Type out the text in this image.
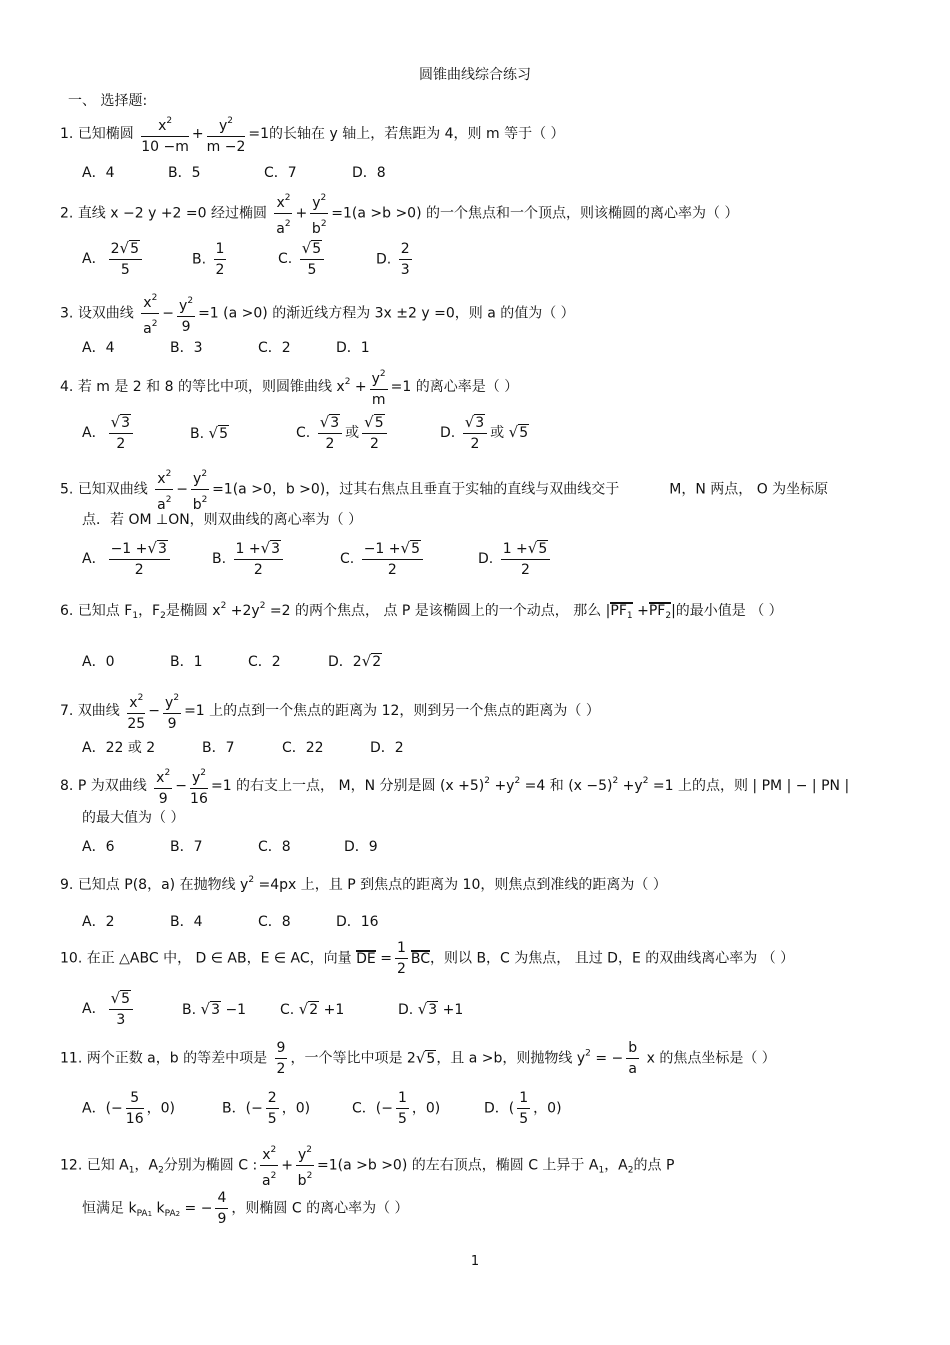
圆锥曲线综合练习
一、 选择题:
1. 已知椭圆 $\frac{x^2}{10 -m} + \frac{y^2}{m -2} =1$的长轴在 y 轴上，若焦距为 4，则 m 等于（ ）
A．4	B．5	C．7	D．8
2. 直线 x −2 y +2 =0 经过椭圆 $\frac{x^2}{a^2} + \frac{y^2}{b^2} =1(a >b >0)$ 的一个焦点和一个顶点，则该椭圆的离心率为（ ）
A． $\frac{2√5}{5}$	B. $\frac{1}{2}$	C. $\frac{√5}{5}$	D. $\frac{2}{3}$
3. 设双曲线 $\frac{x^2}{a^2} - \frac{y^2}{9} =1$ (a >0) 的渐近线方程为 3x ±2 y =0，则 a 的值为（ ）
A．4	B．3	C．2	D．1
4. 若 m 是 2 和 8 的等比中项，则圆锥曲线 $x^2 + \frac{y^2}{m} =1$ 的离心率是（ ）
A． $\frac{√3}{2}$	B. √5	C. $\frac{√3}{2}$ 或 $\frac{√5}{2}$	D. $\frac{√3}{2}$ 或 √5
5. 已知双曲线 $\frac{x^2}{a^2} - \frac{y^2}{b^2} =1(a >0$，b >0)，过其右焦点且垂直于实轴的直线与双曲线交于	M，N 两点， O 为坐标原
点．若 OM ⊥ON，则双曲线的离心率为（ ）
A． $\frac{-1 +√3}{2}$	B. $\frac{1 +√3}{2}$	C. $\frac{-1 +√5}{2}$	D. $\frac{1 +√5}{2}$
6. 已知点 $F_1$，$F_2$是椭圆 $x^2 +2y^2 =2$ 的两个焦点， 点 P 是该椭圆上的一个动点， 那么 $|PF_1 +PF_2|$的最小值是 （ ）
A．0	B．1	C．2	D．2√2
7. 双曲线 $\frac{x^2}{25} - \frac{y^2}{9} =1$ 上的点到一个焦点的距离为 12，则到另一个焦点的距离为（ ）
A．22 或 2	B．7	C．22	D．2
8. P 为双曲线 $\frac{x^2}{9} - \frac{y^2}{16} =1$ 的右支上一点， M，N 分别是圆 $(x +5)^2 +y^2 =4$ 和 $(x -5)^2 +y^2 =1$ 上的点，则 | PM | − | PN |
的最大值为（ ）
A．6	B．7	C．8	D．9
9. 已知点 P(8，a) 在抛物线 $y^2 =4px$ 上，且 P 到焦点的距离为 10，则焦点到准线的距离为（ ）
A．2	B．4	C．8	D．16
10. 在正 △ABC 中， D ∈ AB，E ∈ AC，向量 DE = $\frac{1}{2}$ BC，则以 B，C 为焦点， 且过 D，E 的双曲线离心率为 （ ）
A． $\frac{√5}{3}$	B. √3 −1 C. √2 +1	D. √3 +1
11. 两个正数 a，b 的等差中项是 $\frac{9}{2}$ ，一个等比中项是 2√5，且 a >b，则抛物线 $y^2$ = − $\frac{b}{a}$ x 的焦点坐标是（ ）
A．(− $\frac{5}{16}$ ，0)	B．(− $\frac{2}{5}$ ，0)	C．(− $\frac{1}{5}$ ，0)	D．( $\frac{1}{5}$ ，0)
12. 已知 $A_1$，$A_2$分别为椭圆 C : $\frac{x^2}{a^2} + \frac{y^2}{b^2} =1(a >b >0)$ 的左右顶点，椭圆 C 上异于 $A_1$，$A_2$的点 P
恒满足 $k_{PA1}$ $k_{PA2}$ = − $\frac{4}{9}$ ，则椭圆 C 的离心率为（ ）
1
